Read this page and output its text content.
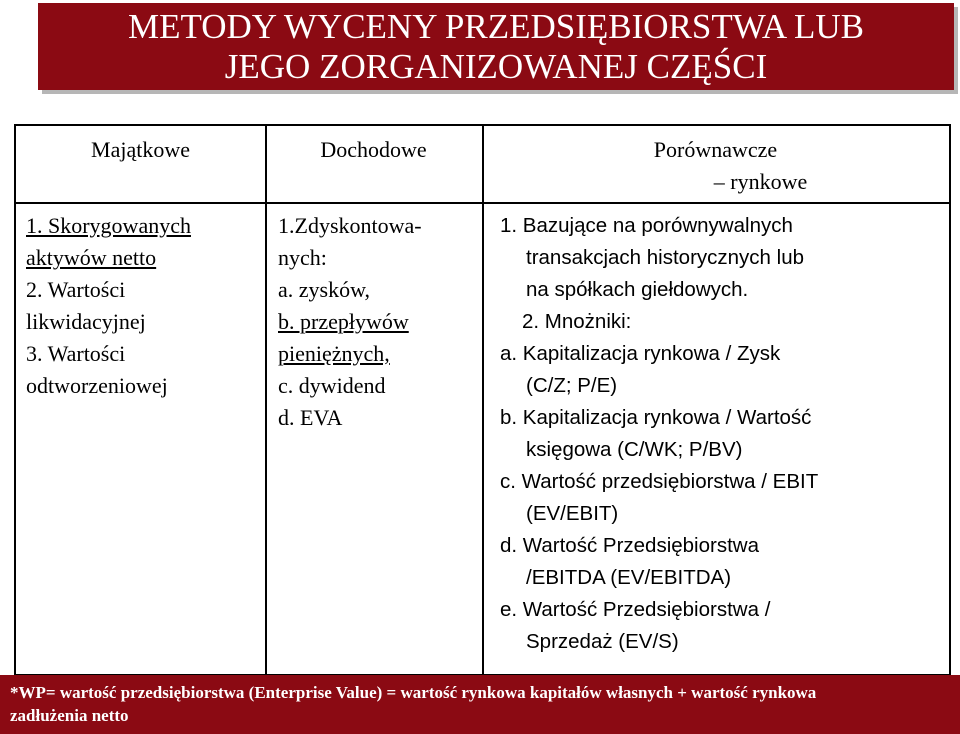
METODY WYCENY PRZEDSIĘBIORSTWA LUB
JEGO ZORGANIZOWANEJ CZĘŚCI
Majątkowe	Dochodowe	Porównawcze
– rynkowe
1. Skorygowanych
aktywów netto
2. Wartości
likwidacyjnej
3. Wartości
odtworzeniowej
1.Zdyskontowa-
nych:
a. zysków,
b. przepływów
pieniężnych,
c. dywidend
d. EVA
1. Bazujące na porównywalnych
transakcjach historycznych lub
na spółkach giełdowych.
2. Mnożniki:
a. Kapitalizacja rynkowa / Zysk
(C/Z; P/E)
b. Kapitalizacja rynkowa / Wartość
księgowa (C/WK; P/BV)
c. Wartość przedsiębiorstwa / EBIT
(EV/EBIT)
d. Wartość Przedsiębiorstwa
/EBITDA (EV/EBITDA)
e. Wartość Przedsiębiorstwa /
Sprzedaż (EV/S)
*WP= wartość przedsiębiorstwa (Enterprise Value) = wartość rynkowa kapitałów własnych + wartość rynkowa
zadłużenia netto
